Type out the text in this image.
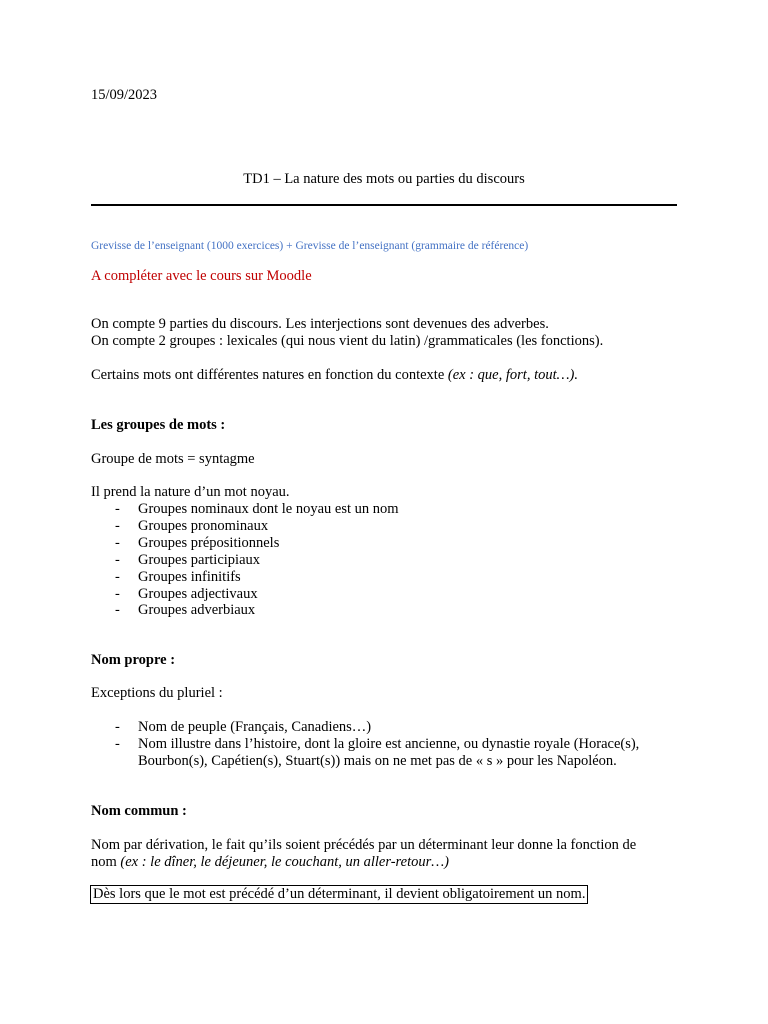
15/09/2023
TD1 – La nature des mots ou parties du discours
Grevisse de l’enseignant (1000 exercices) + Grevisse de l’enseignant (grammaire de référence)
A compléter avec le cours sur Moodle
On compte 9 parties du discours. Les interjections sont devenues des adverbes.
On compte 2 groupes : lexicales (qui nous vient du latin) /grammaticales (les fonctions).
Certains mots ont différentes natures en fonction du contexte (ex : que, fort, tout…).
Les groupes de mots :
Groupe de mots = syntagme
Il prend la nature d’un mot noyau.
- Groupes nominaux dont le noyau est un nom
- Groupes pronominaux
- Groupes prépositionnels
- Groupes participiaux
- Groupes infinitifs
- Groupes adjectivaux
- Groupes adverbiaux
Nom propre :
Exceptions du pluriel :
- Nom de peuple (Français, Canadiens…)
- Nom illustre dans l’histoire, dont la gloire est ancienne, ou dynastie royale (Horace(s), Bourbon(s), Capétien(s), Stuart(s)) mais on ne met pas de « s » pour les Napoléon.
Nom commun :
Nom par dérivation, le fait qu’ils soient précédés par un déterminant leur donne la fonction de
nom (ex : le dîner, le déjeuner, le couchant, un aller-retour…)
Dès lors que le mot est précédé d’un déterminant, il devient obligatoirement un nom.
